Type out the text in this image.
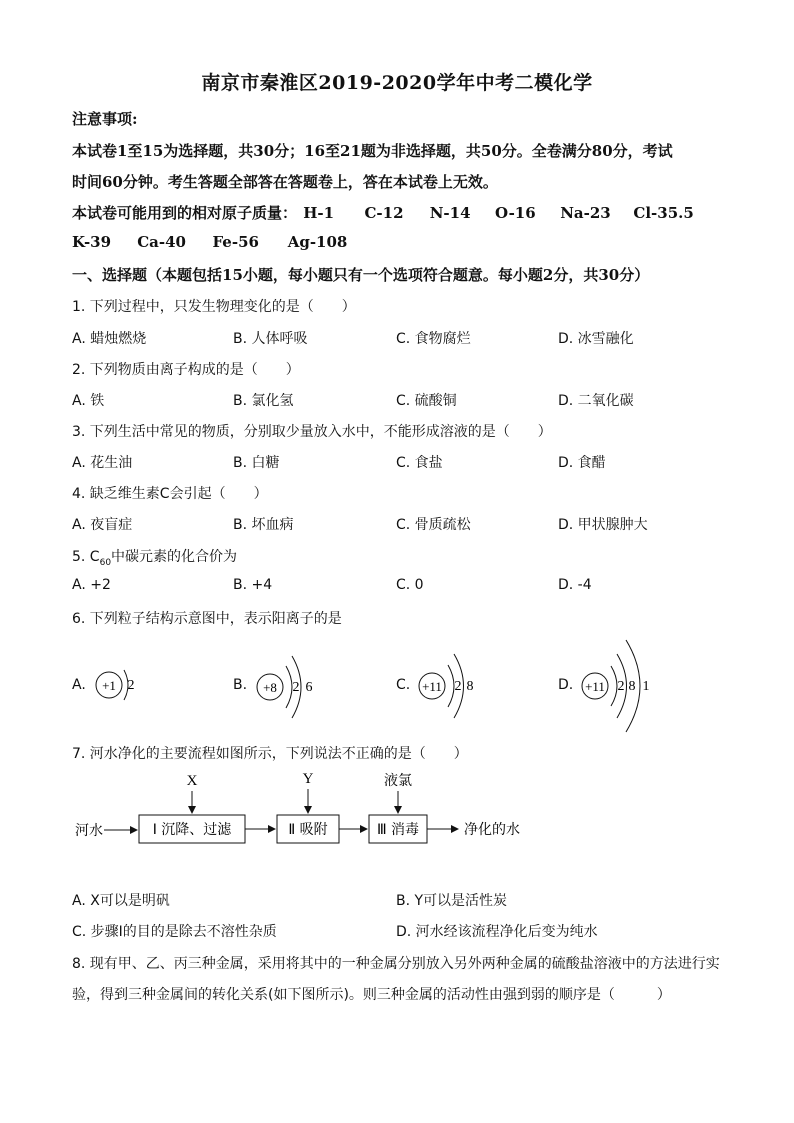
南京市秦淮区2019-2020学年中考二模化学
注意事项:
本试卷1至15为选择题，共30分；16至21题为非选择题，共50分。全卷满分80分，考试
时间60分钟。考生答题全部答在答题卷上，答在本试卷上无效。
本试卷可能用到的相对原子质量： H-1 C-12 N-14 O-16 Na-23 Cl-35.5
K-39 Ca-40 Fe-56 Ag-108
一、选择题（本题包括15小题，每小题只有一个选项符合题意。每小题2分，共30分）
1. 下列过程中，只发生物理变化的是（　　）
A. 蜡烛燃烧	B. 人体呼吸	C. 食物腐烂	D. 冰雪融化
2. 下列物质由离子构成的是（　　）
A. 铁	B. 氯化氢	C. 硫酸铜	D. 二氧化碳
3. 下列生活中常见的物质，分别取少量放入水中，不能形成溶液的是（　　）
A. 花生油	B. 白糖	C. 食盐	D. 食醋
4. 缺乏维生素C会引起（　　）
A. 夜盲症	B. 坏血病	C. 骨质疏松	D. 甲状腺肿大
5. $C_{60}$中碳元素的化合价为
A. +2	B. +4	C. 0	D. -4
6. 下列粒子结构示意图中，表示阳离子的是
A.	B.	C.	D.
+1 2	+8 2 6	+11 2 8	+11 2 8 1
7. 河水净化的主要流程如图所示，下列说法不正确的是（　　）
河水	Ⅰ 沉降、过滤
X
Ⅱ 吸附
Y
Ⅲ 消毒
液氯
净化的水
A. X可以是明矾	B. Y可以是活性炭
C. 步骤Ⅰ的目的是除去不溶性杂质	D. 河水经该流程净化后变为纯水
8. 现有甲、乙、丙三种金属，采用将其中的一种金属分别放入另外两种金属的硫酸盐溶液中的方法进行实
验，得到三种金属间的转化关系(如下图所示)。则三种金属的活动性由强到弱的顺序是（　　　）
